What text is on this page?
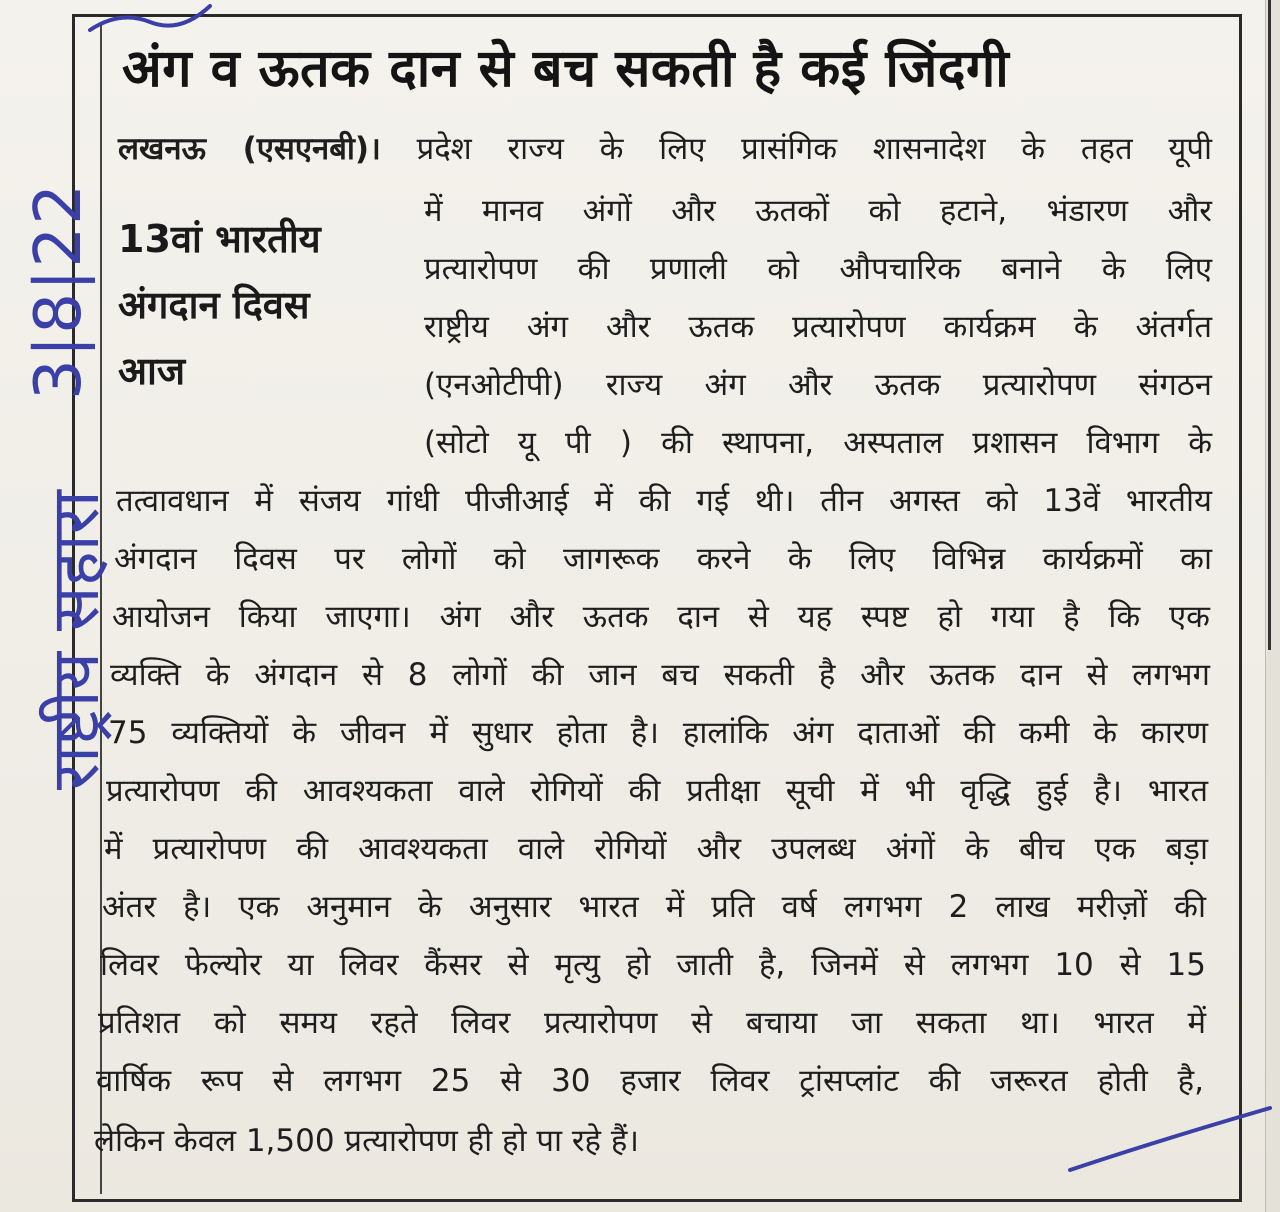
अंग व ऊतक दान से बच सकती है कई जिंदगी
13वां भारतीय
अंगदान दिवस
आज
लखनऊ (एसएनबी)। प्रदेश राज्य के लिए प्रासंगिक शासनादेश के तहत यूपी
में मानव अंगों और ऊतकों को हटाने, भंडारण और
प्रत्यारोपण की प्रणाली को औपचारिक बनाने के लिए
राष्ट्रीय अंग और ऊतक प्रत्यारोपण कार्यक्रम के अंतर्गत
(एनओटीपी) राज्य अंग और ऊतक प्रत्यारोपण संगठन
(सोटो यू पी ) की स्थापना, अस्पताल प्रशासन विभाग के
तत्वावधान में संजय गांधी पीजीआई में की गई थी। तीन अगस्त को 13वें भारतीय
अंगदान दिवस पर लोगों को जागरूक करने के लिए विभिन्न कार्यक्रमों का
आयोजन किया जाएगा। अंग और ऊतक दान से यह स्पष्ट हो गया है कि एक
व्यक्ति के अंगदान से 8 लोगों की जान बच सकती है और ऊतक दान से लगभग
75 व्यक्तियों के जीवन में सुधार होता है। हालांकि अंग दाताओं की कमी के कारण
प्रत्यारोपण की आवश्यकता वाले रोगियों की प्रतीक्षा सूची में भी वृद्धि हुई है। भारत
में प्रत्यारोपण की आवश्यकता वाले रोगियों और उपलब्ध अंगों के बीच एक बड़ा
अंतर है। एक अनुमान के अनुसार भारत में प्रति वर्ष लगभग 2 लाख मरीज़ों की
लिवर फेल्योर या लिवर कैंसर से मृत्यु हो जाती है, जिनमें से लगभग 10 से 15
प्रतिशत को समय रहते लिवर प्रत्यारोपण से बचाया जा सकता था। भारत में
वार्षिक रूप से लगभग 25 से 30 हजार लिवर ट्रांसप्लांट की जरूरत होती है,
लेकिन केवल 1,500 प्रत्यारोपण ही हो पा रहे हैं।
3|8|22
राष्ट्रीय सहारा
